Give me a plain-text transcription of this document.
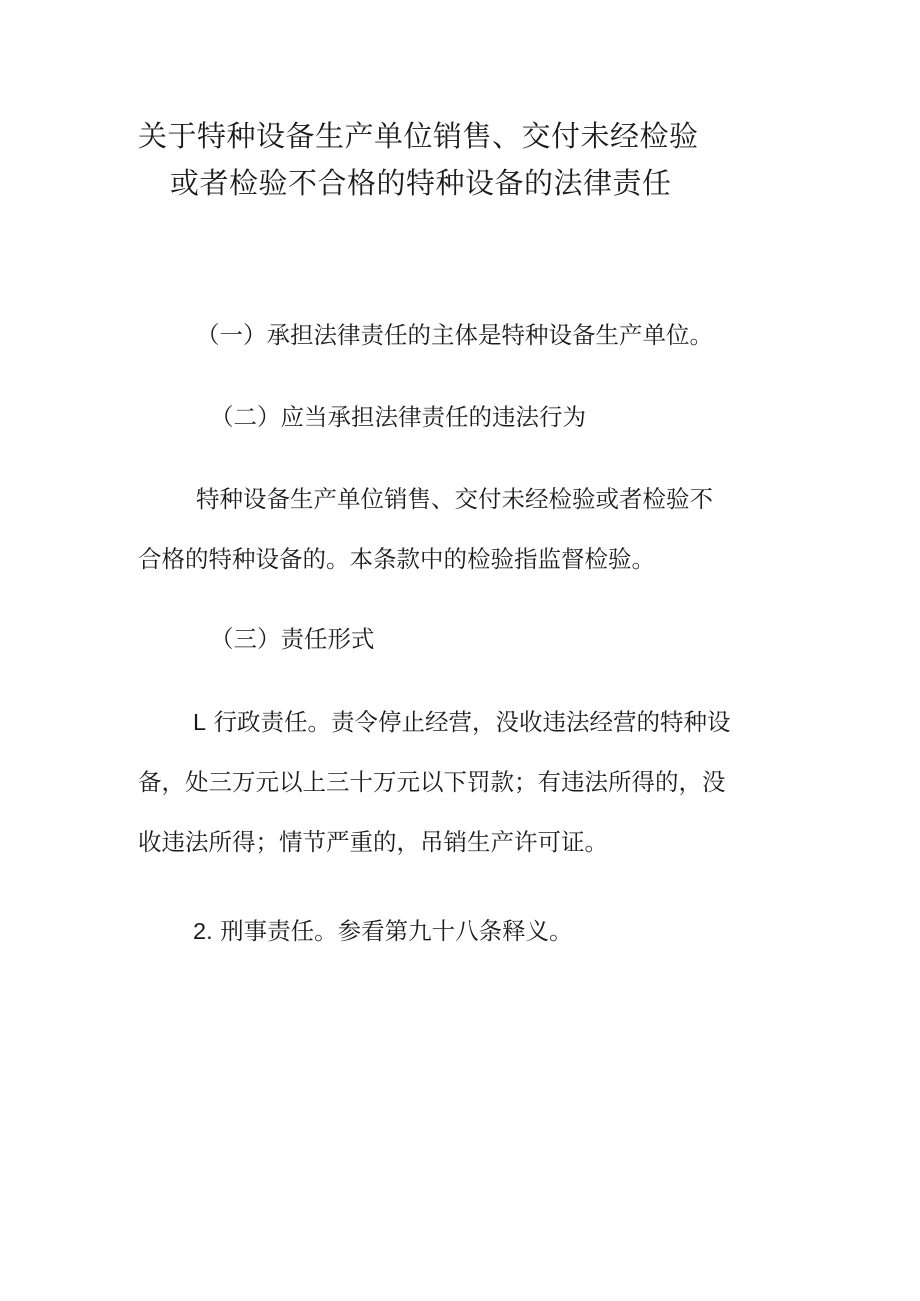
关于特种设备生产单位销售、交付未经检验
或者检验不合格的特种设备的法律责任
（一）承担法律责任的主体是特种设备生产单位。
（二）应当承担法律责任的违法行为
特种设备生产单位销售、交付未经检验或者检验不
合格的特种设备的。本条款中的检验指监督检验。
（三）责任形式
L 行政责任。责令停止经营，没收违法经营的特种设
备，处三万元以上三十万元以下罚款；有违法所得的，没
收违法所得；情节严重的，吊销生产许可证。
2. 刑事责任。参看第九十八条释义。
